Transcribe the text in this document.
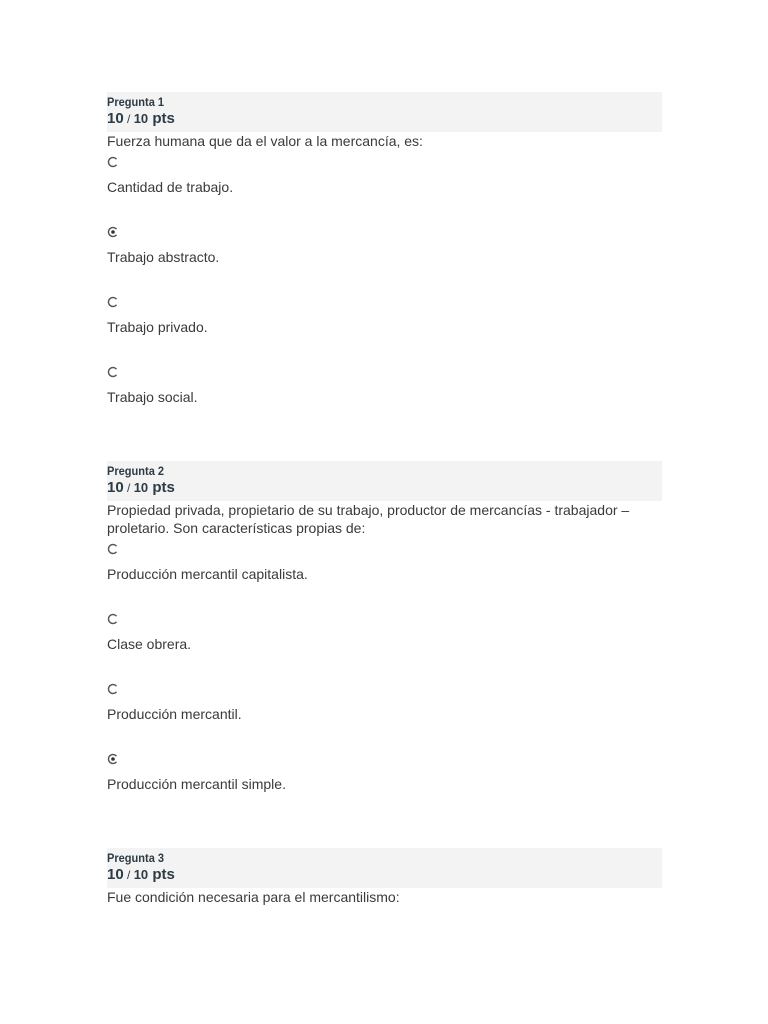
Pregunta 1
10 / 10 pts
Fuerza humana que da el valor a la mercancía, es:
Cantidad de trabajo.
Trabajo abstracto.
Trabajo privado.
Trabajo social.
Pregunta 2
10 / 10 pts
Propiedad privada, propietario de su trabajo, productor de mercancías - trabajador – proletario. Son características propias de:
Producción mercantil capitalista.
Clase obrera.
Producción mercantil.
Producción mercantil simple.
Pregunta 3
10 / 10 pts
Fue condición necesaria para el mercantilismo:
